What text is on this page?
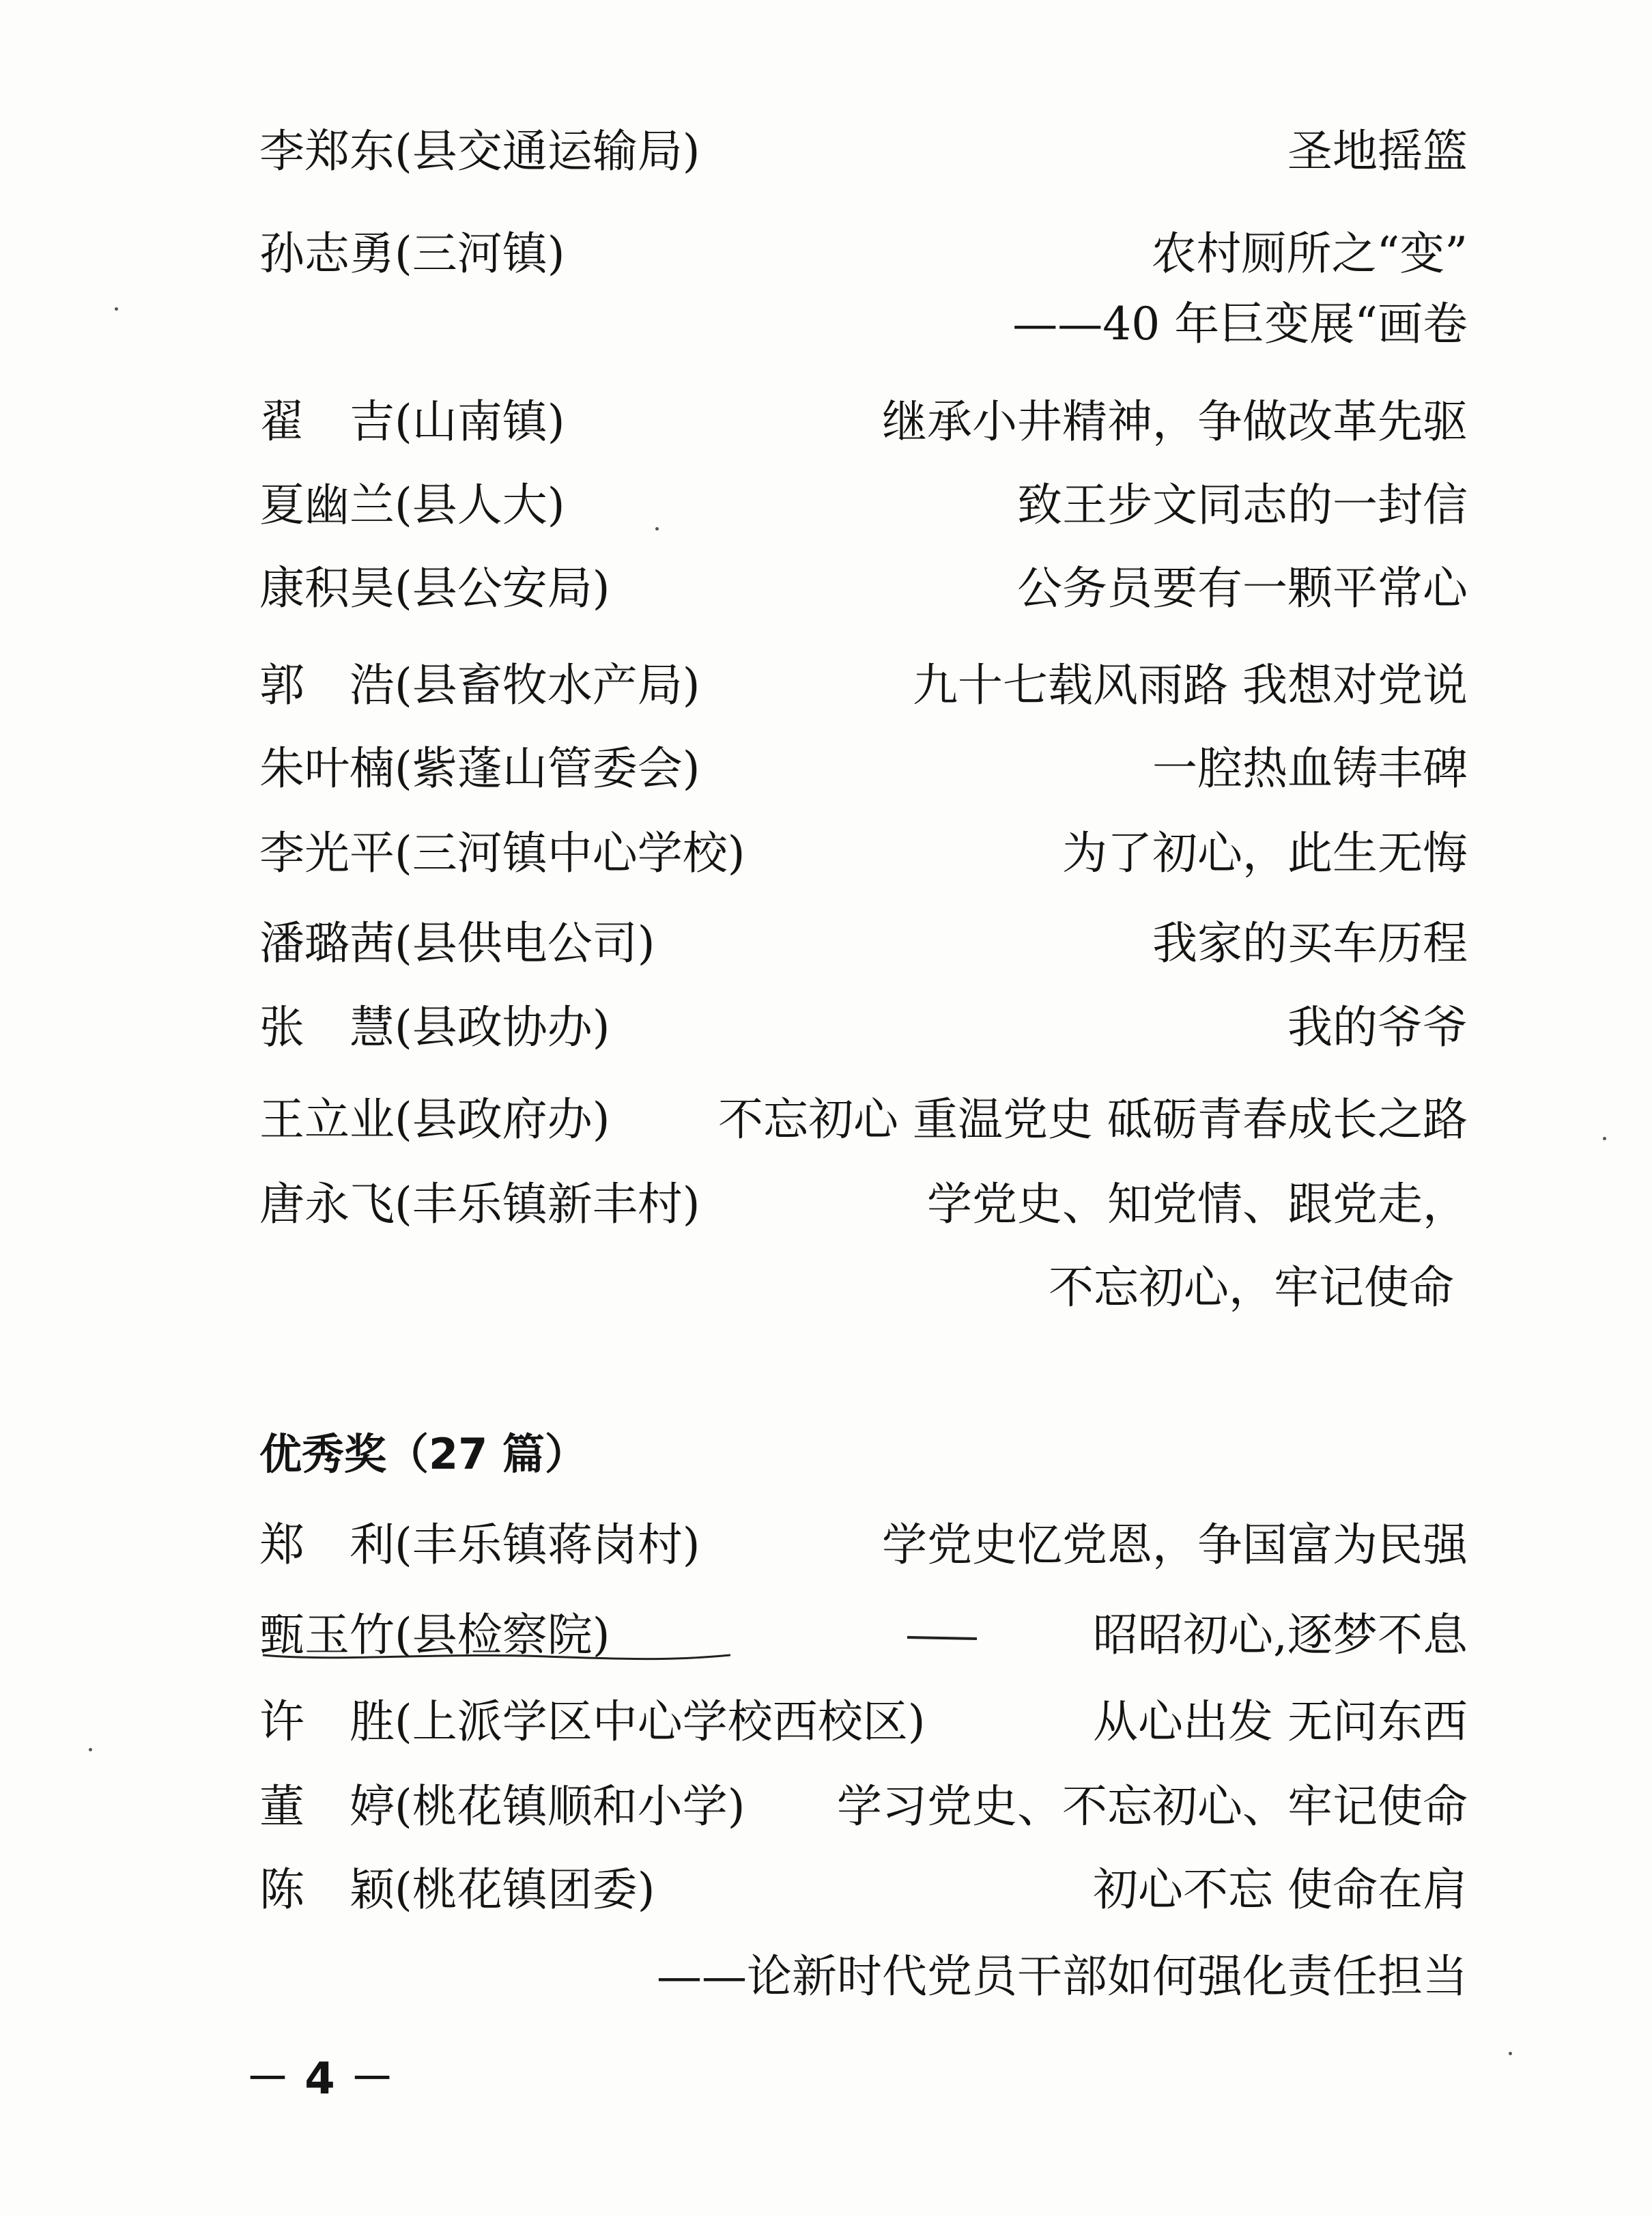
李郑东(县交通运输局)	圣地摇篮
孙志勇(三河镇)	农村厕所之“变”
——40 年巨变展“画卷
翟　吉(山南镇)	继承小井精神，争做改革先驱
夏幽兰(县人大)	致王步文同志的一封信
康积昊(县公安局)	公务员要有一颗平常心
郭　浩(县畜牧水产局)	九十七载风雨路 我想对党说
朱叶楠(紫蓬山管委会)	一腔热血铸丰碑
李光平(三河镇中心学校)	为了初心，此生无悔
潘璐茜(县供电公司)	我家的买车历程
张　慧(县政协办)	我的爷爷
王立业(县政府办) 不忘初心 重温党史 砥砺青春成长之路
唐永飞(丰乐镇新丰村)	学党史、知党情、跟党走，
不忘初心，牢记使命
优秀奖（27 篇）
郑　利(丰乐镇蒋岗村)	学党史忆党恩，争国富为民强
甄玉竹(县检察院)	昭昭初心,逐梦不息
许　胜(上派学区中心学校西校区)	从心出发 无问东西
董　婷(桃花镇顺和小学) 学习党史、不忘初心、牢记使命
陈　颖(桃花镇团委)	初心不忘 使命在肩
——论新时代党员干部如何强化责任担当
－ 4 －
